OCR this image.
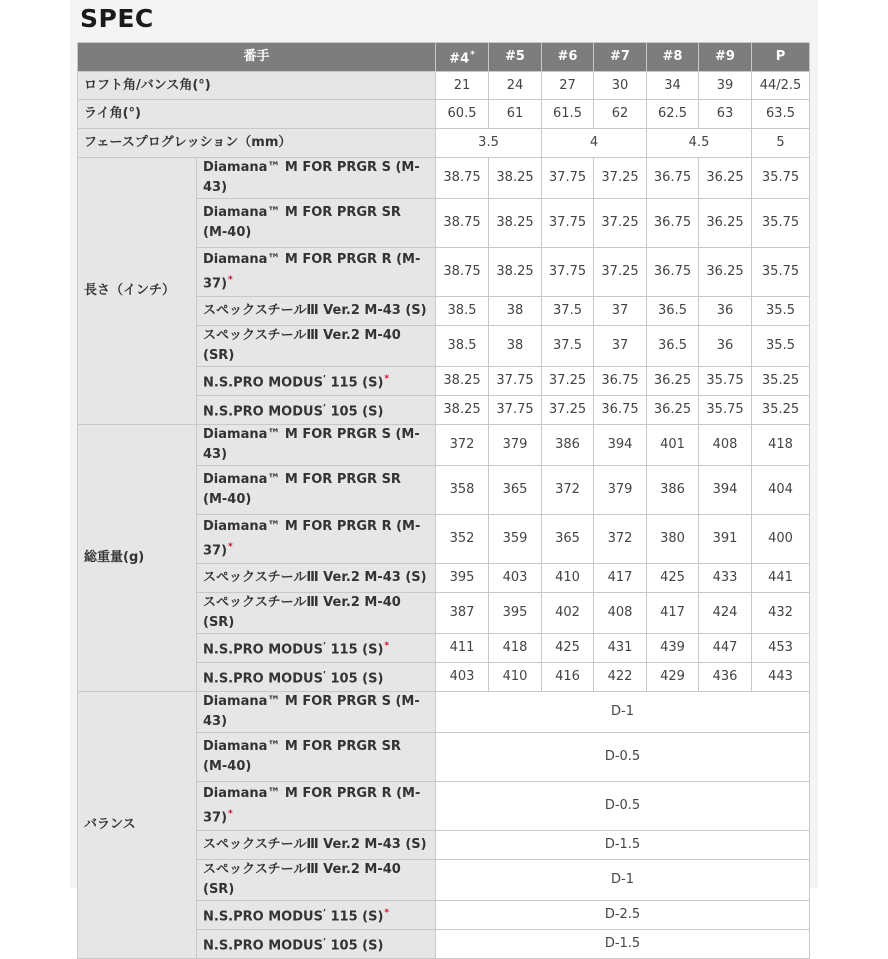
SPEC
番手		#4*	#5	#6	#7	#8	#9	P
ロフト角/バンス角(°)		21	24	27	30	34	39	44/2.5
ライ角(°)		60.5	61	61.5	62	62.5	63	63.5
フェースプログレッション（mm）		3.5		4		4.5		5
長さ（インチ）	Diamana™ M FOR PRGR S (M-43)	38.75	38.25	37.75	37.25	36.75	36.25	35.75
	Diamana™ M FOR PRGR SR (M-40)	38.75	38.25	37.75	37.25	36.75	36.25	35.75
	Diamana™ M FOR PRGR R (M-37)*	38.75	38.25	37.75	37.25	36.75	36.25	35.75
	スペックスチールⅢ Ver.2 M-43 (S)	38.5	38	37.5	37	36.5	36	35.5
	スペックスチールⅢ Ver.2 M-40 (SR)	38.5	38	37.5	37	36.5	36	35.5
	N.S.PRO $MODUS^ʼ$ 115 (S)*	38.25	37.75	37.25	36.75	36.25	35.75	35.25
	N.S.PRO $MODUS^ʼ$ 105 (S)	38.25	37.75	37.25	36.75	36.25	35.75	35.25
総重量(g)	Diamana™ M FOR PRGR S (M-43)	372	379	386	394	401	408	418
	Diamana™ M FOR PRGR SR (M-40)	358	365	372	379	386	394	404
	Diamana™ M FOR PRGR R (M-37)*	352	359	365	372	380	391	400
	スペックスチールⅢ Ver.2 M-43 (S)	395	403	410	417	425	433	441
	スペックスチールⅢ Ver.2 M-40 (SR)	387	395	402	408	417	424	432
	N.S.PRO $MODUS^ʼ$ 115 (S)*	411	418	425	431	439	447	453
	N.S.PRO $MODUS^ʼ$ 105 (S)	403	410	416	422	429	436	443
バランス	Diamana™ M FOR PRGR S (M-43)	D-1						
	Diamana™ M FOR PRGR SR (M-40)	D-0.5						
	Diamana™ M FOR PRGR R (M-37)*	D-0.5						
	スペックスチールⅢ Ver.2 M-43 (S)	D-1.5						
	スペックスチールⅢ Ver.2 M-40 (SR)	D-1						
	N.S.PRO $MODUS^ʼ$ 115 (S)*	D-2.5						
	N.S.PRO $MODUS^ʼ$ 105 (S)	D-1.5						
